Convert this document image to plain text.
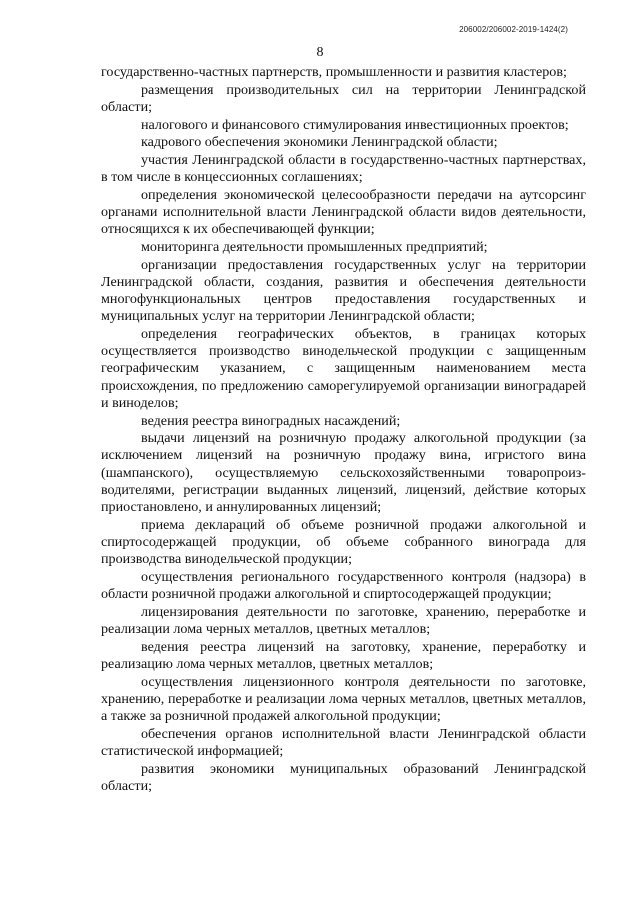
206002/206002-2019-1424(2)
8

государственно-частных партнерств, промышленности и развития кластеров;

размещения производительных сил на территории Ленинградской области;

налогового и финансового стимулирования инвестиционных проектов;

кадрового обеспечения экономики Ленинградской области;

участия Ленинградской области в государственно-частных партнерствах, в том числе в концессионных соглашениях;

определения экономической целесообразности передачи на аутсорсинг органами исполнительной власти Ленинградской области видов деятельности, относящихся к их обеспечивающей функции;

мониторинга деятельности промышленных предприятий;

организации предоставления государственных услуг на территории Ленинградской области, создания, развития и обеспечения деятельности многофункциональных центров предоставления государственных и муниципальных услуг на территории Ленинградской области;

определения географических объектов, в границах которых осуществляется производство винодельческой продукции с защищенным географическим указанием, с защищенным наименованием места происхождения, по предложению саморегулируемой организации виноградарей и виноделов;

ведения реестра виноградных насаждений;

выдачи лицензий на розничную продажу алкогольной продукции (за исключением лицензий на розничную продажу вина, игристого вина (шампанского), осуществляемую сельскохозяйственными товаропроиз-водителями, регистрации выданных лицензий, лицензий, действие которых приостановлено, и аннулированных лицензий;

приема деклараций об объеме розничной продажи алкогольной и спиртосодержащей продукции, об объеме собранного винограда для производства винодельческой продукции;

осуществления регионального государственного контроля (надзора) в области розничной продажи алкогольной и спиртосодержащей продукции;

лицензирования деятельности по заготовке, хранению, переработке и реализации лома черных металлов, цветных металлов;

ведения реестра лицензий на заготовку, хранение, переработку и реализацию лома черных металлов, цветных металлов;

осуществления лицензионного контроля деятельности по заготовке, хранению, переработке и реализации лома черных металлов, цветных металлов, а также за розничной продажей алкогольной продукции;

обеспечения органов исполнительной власти Ленинградской области статистической информацией;

развития экономики муниципальных образований Ленинградской области;
